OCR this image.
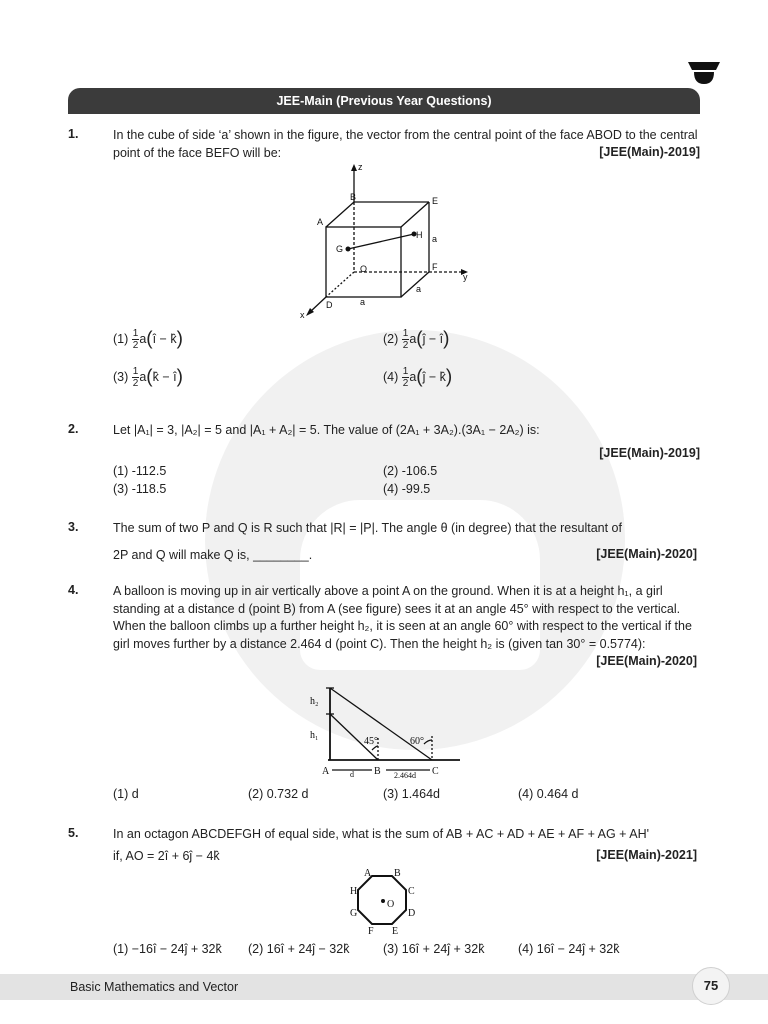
JEE-Main (Previous Year Questions)
1.	In the cube of side ‘a’ shown in the figure, the vector from the central point of the face ABOD to the central point of the face BEFO will be:	[JEE(Main)-2019]
z
B	E
A
H
G
a
O	F
y
a
D	a
x
$(1) \frac{1}{2}$ a(î − k̂)	$(2) \frac{1}{2}$ a(ĵ − î)
$(3) \frac{1}{2}$ a(k̂ − î)	$(4) \frac{1}{2}$ a(ĵ − k̂)
2.	Let |A₁| = 3, |A₂| = 5 and |A₁ + A₂| = 5. The value of (2A₁ + 3A₂).(3A₁ − 2A₂) is:
[JEE(Main)-2019]
(1) -112.5	(2) -106.5
(3) -118.5	(4) -99.5
3.	The sum of two P and Q is R such that |R| = |P|. The angle θ (in degree) that the resultant of
2P and Q will make Q is, ________.	[JEE(Main)-2020]
4.	A balloon is moving up in air vertically above a point A on the ground. When it is at a height h₁, a girl standing at a distance d (point B) from A (see figure) sees it at an angle 45° with respect to the vertical. When the balloon climbs up a further height h₂, it is seen at an angle 60° with respect to the vertical if the girl moves further by a distance 2.464 d (point C). Then the height h₂ is (given tan 30° = 0.5774):
[JEE(Main)-2020]
h₂
h₁
45°	60°
A	B	C
d	2.464d
(1) d	(2) 0.732 d	(3) 1.464d	(4) 0.464 d
5.	In an octagon ABCDEFGH of equal side, what is the sum of AB + AC + AD + AE + AF + AG + AH'
if, AO = 2î + 6ĵ − 4k̂	[JEE(Main)-2021]
A B
C
D
E
F
G
H
O
(1) −16î − 24ĵ + 32k̂ (2) 16î + 24ĵ − 32k̂	(3) 16î + 24ĵ + 32k̂	(4) 16î − 24ĵ + 32k̂
Basic Mathematics and Vector	75
